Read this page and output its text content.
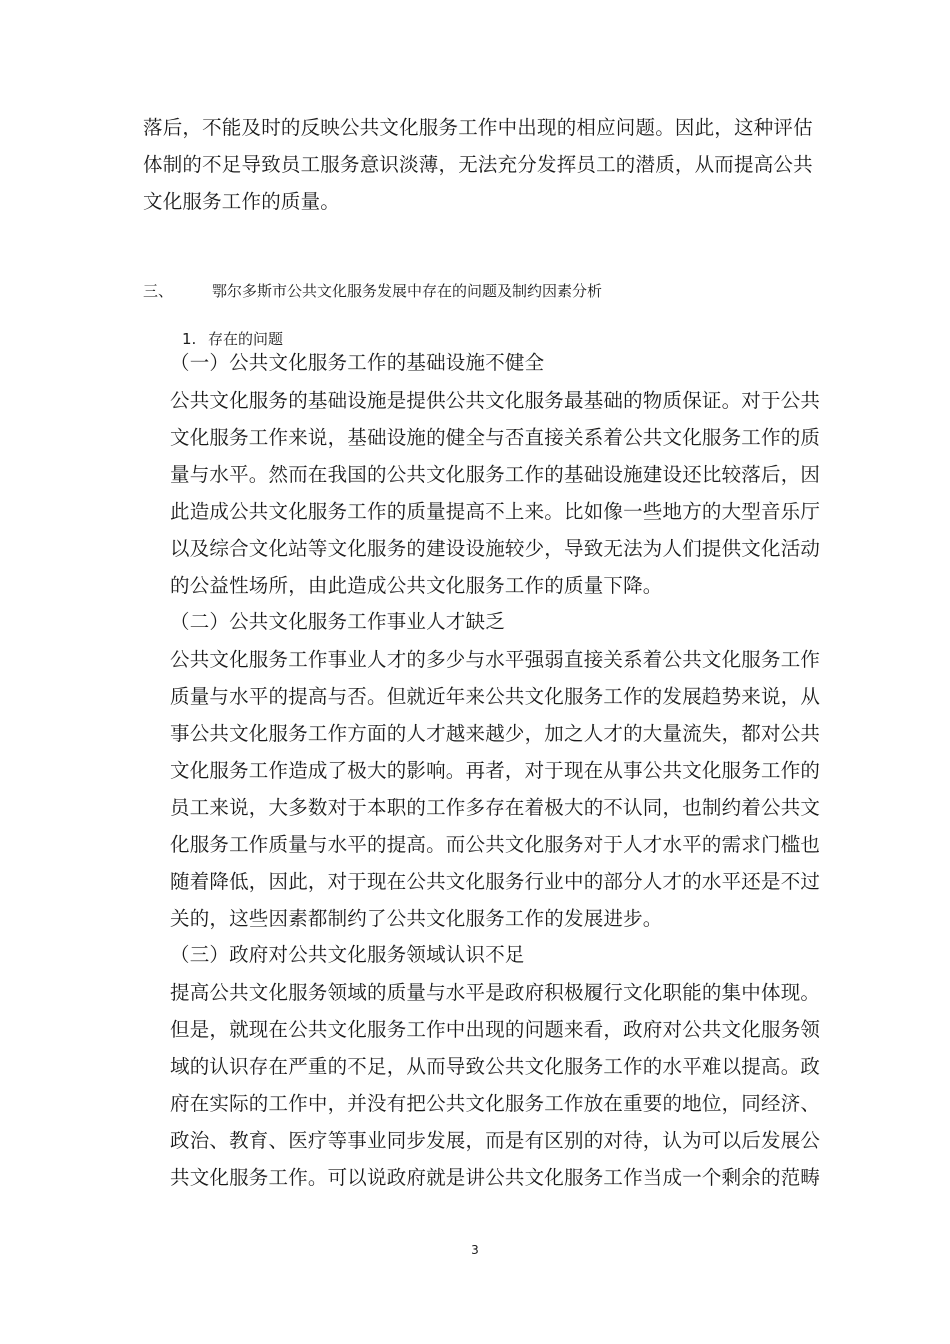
落后，不能及时的反映公共文化服务工作中出现的相应问题。因此，这种评估
体制的不足导致员工服务意识淡薄，无法充分发挥员工的潜质，从而提高公共
文化服务工作的质量。
三、	鄂尔多斯市公共文化服务发展中存在的问题及制约因素分析
1. 存在的问题
（一）公共文化服务工作的基础设施不健全
公共文化服务的基础设施是提供公共文化服务最基础的物质保证。对于公共
文化服务工作来说，基础设施的健全与否直接关系着公共文化服务工作的质
量与水平。然而在我国的公共文化服务工作的基础设施建设还比较落后，因
此造成公共文化服务工作的质量提高不上来。比如像一些地方的大型音乐厅
以及综合文化站等文化服务的建设设施较少，导致无法为人们提供文化活动
的公益性场所，由此造成公共文化服务工作的质量下降。
（二）公共文化服务工作事业人才缺乏
公共文化服务工作事业人才的多少与水平强弱直接关系着公共文化服务工作
质量与水平的提高与否。但就近年来公共文化服务工作的发展趋势来说，从
事公共文化服务工作方面的人才越来越少，加之人才的大量流失，都对公共
文化服务工作造成了极大的影响。再者，对于现在从事公共文化服务工作的
员工来说，大多数对于本职的工作多存在着极大的不认同，也制约着公共文
化服务工作质量与水平的提高。而公共文化服务对于人才水平的需求门槛也
随着降低，因此，对于现在公共文化服务行业中的部分人才的水平还是不过
关的，这些因素都制约了公共文化服务工作的发展进步。
（三）政府对公共文化服务领域认识不足
提高公共文化服务领域的质量与水平是政府积极履行文化职能的集中体现。
但是，就现在公共文化服务工作中出现的问题来看，政府对公共文化服务领
域的认识存在严重的不足，从而导致公共文化服务工作的水平难以提高。政
府在实际的工作中，并没有把公共文化服务工作放在重要的地位，同经济、
政治、教育、医疗等事业同步发展，而是有区别的对待，认为可以后发展公
共文化服务工作。可以说政府就是讲公共文化服务工作当成一个剩余的范畴
3
